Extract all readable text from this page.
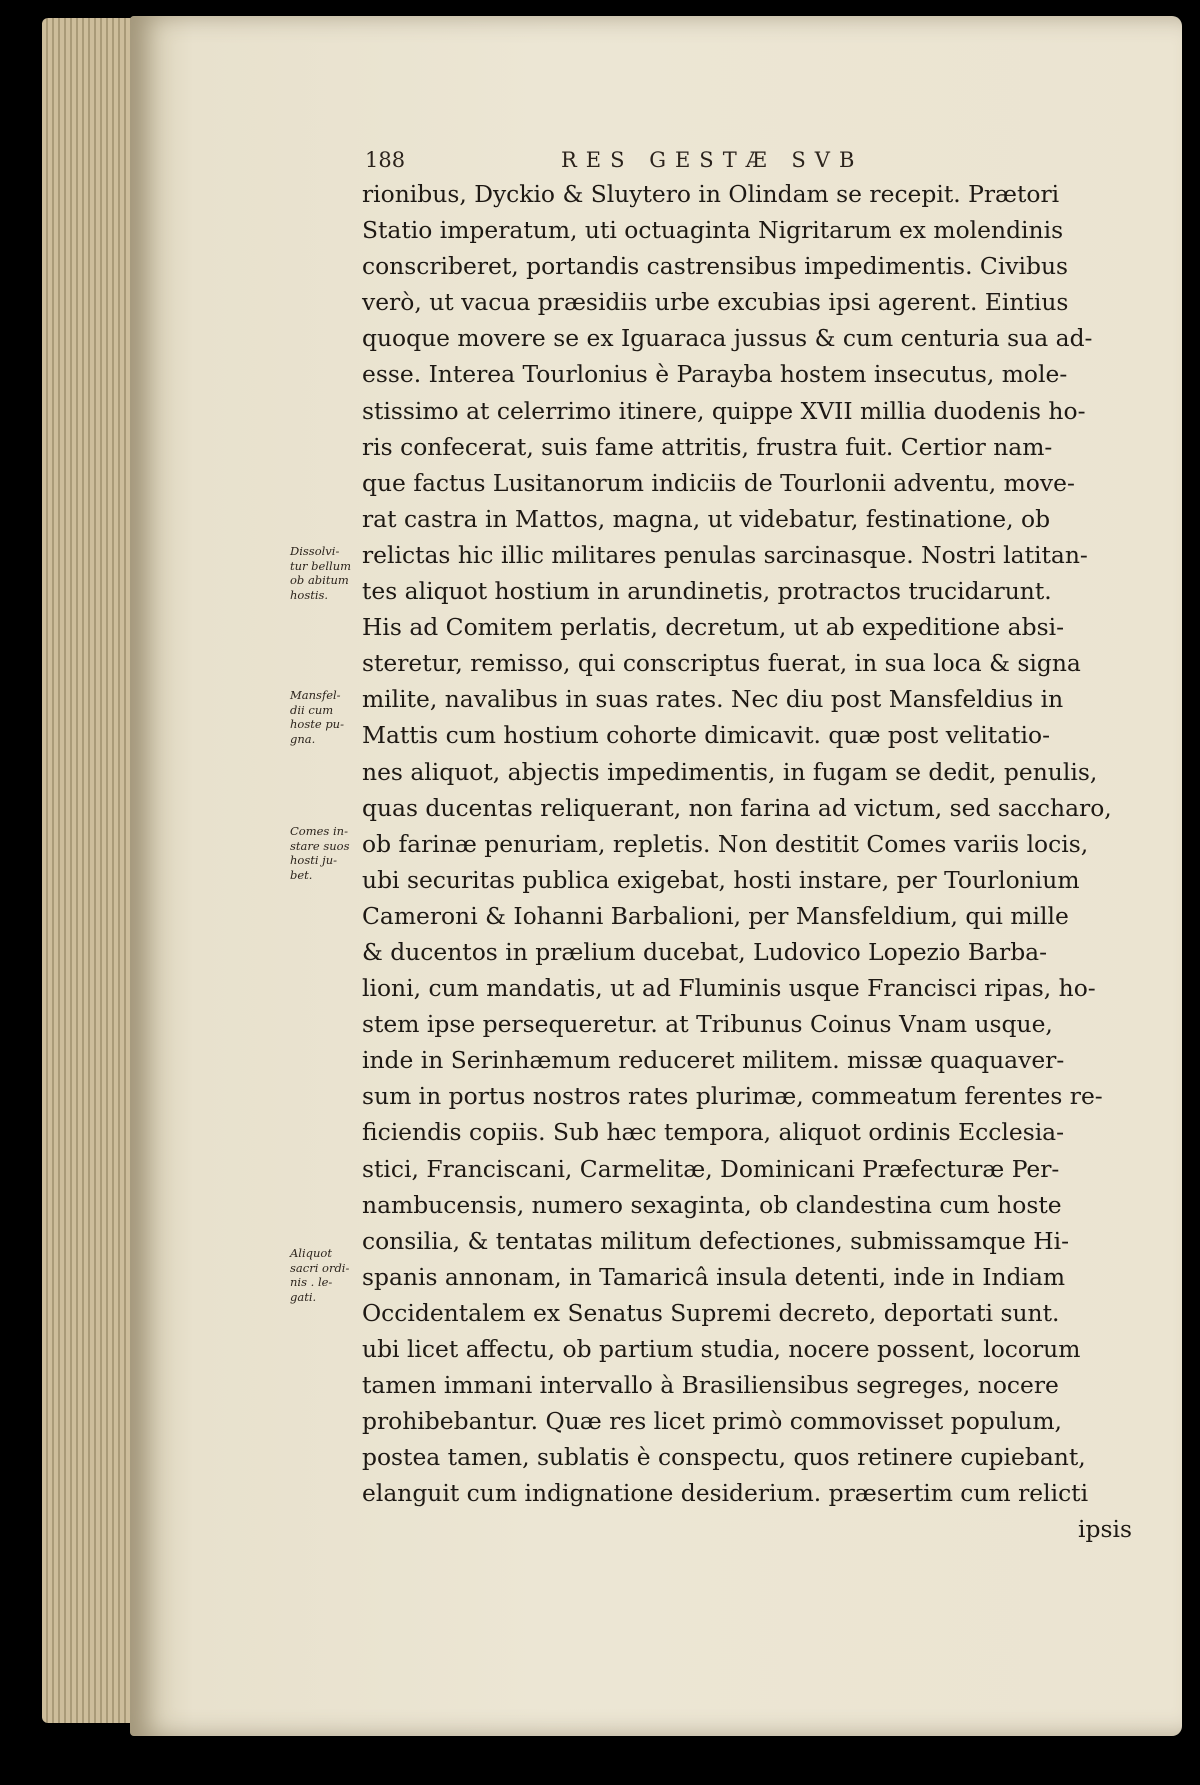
188	RES GESTÆ SVB
Dissolvi-
tur bellum
ob abitum
hostis.
Mansfel-
dii cum
hoste pu-
gna.
Comes in-
stare suos
hosti ju-
bet.
Aliquot
sacri ordi-
nis . le-
gati.
rionibus, Dyckio & Sluytero in Olindam se recepit. Prætori
Statio imperatum, uti octuaginta Nigritarum ex molendinis
conscriberet, portandis castrensibus impedimentis. Civibus
verò, ut vacua præsidiis urbe excubias ipsi agerent. Eintius
quoque movere se ex Iguaraca jussus & cum centuria sua ad-
esse. Interea Tourlonius è Parayba hostem insecutus, mole-
stissimo at celerrimo itinere, quippe XVII millia duodenis ho-
ris confecerat, suis fame attritis, frustra fuit. Certior nam-
que factus Lusitanorum indiciis de Tourlonii adventu, move-
rat castra in Mattos, magna, ut videbatur, festinatione, ob
relictas hic illic militares penulas sarcinasque. Nostri latitan-
tes aliquot hostium in arundinetis, protractos trucidarunt.
His ad Comitem perlatis, decretum, ut ab expeditione absi-
steretur, remisso, qui conscriptus fuerat, in sua loca & signa
milite, navalibus in suas rates. Nec diu post Mansfeldius in
Mattis cum hostium cohorte dimicavit. quæ post velitatio-
nes aliquot, abjectis impedimentis, in fugam se dedit, penulis,
quas ducentas reliquerant, non farina ad victum, sed sacchar​o,
ob farinæ penuriam, repletis. Non destitit Comes variis locis,
ubi securitas publica exigebat, hosti instare, per Tourlonium
Cameroni & Iohanni Barbalioni, per Mansfeldium, qui mille
& ducentos in prælium ducebat, Ludovico Lopezio Barba-
lioni, cum mandatis, ut ad Fluminis usque Francisci ripas, ho-
stem ipse persequeretur. at Tribunus Coinus Vnam usque,
inde in Serinhæmum reduceret militem. missæ quaquaver-
sum in portus nostros rates plurimæ, commeatum ferentes re-
ficiendis copiis. Sub hæc tempora, aliquot ordinis Ecclesia-
stici, Franciscani, Carmelitæ, Dominicani Præfecturæ Per-
nambucensis, numero sexaginta, ob clandestina cum hoste
consilia, & tentatas militum defectiones, submissamque Hi-
spanis annonam, in Tamaricâ insula detenti, inde in Indiam
Occidentalem ex Senatus Supremi decreto, deportati sunt.
ubi licet affectu, ob partium studia, nocere possent, locorum
tamen immani intervallo à Brasiliensibus segreges, nocere
prohibebantur. Quæ res licet primò commovisset populum,
postea tamen, sublatis è conspectu, quos retinere cupiebant,
elanguit cum indignatione desiderium. præsertim cum relicti
ipsis
